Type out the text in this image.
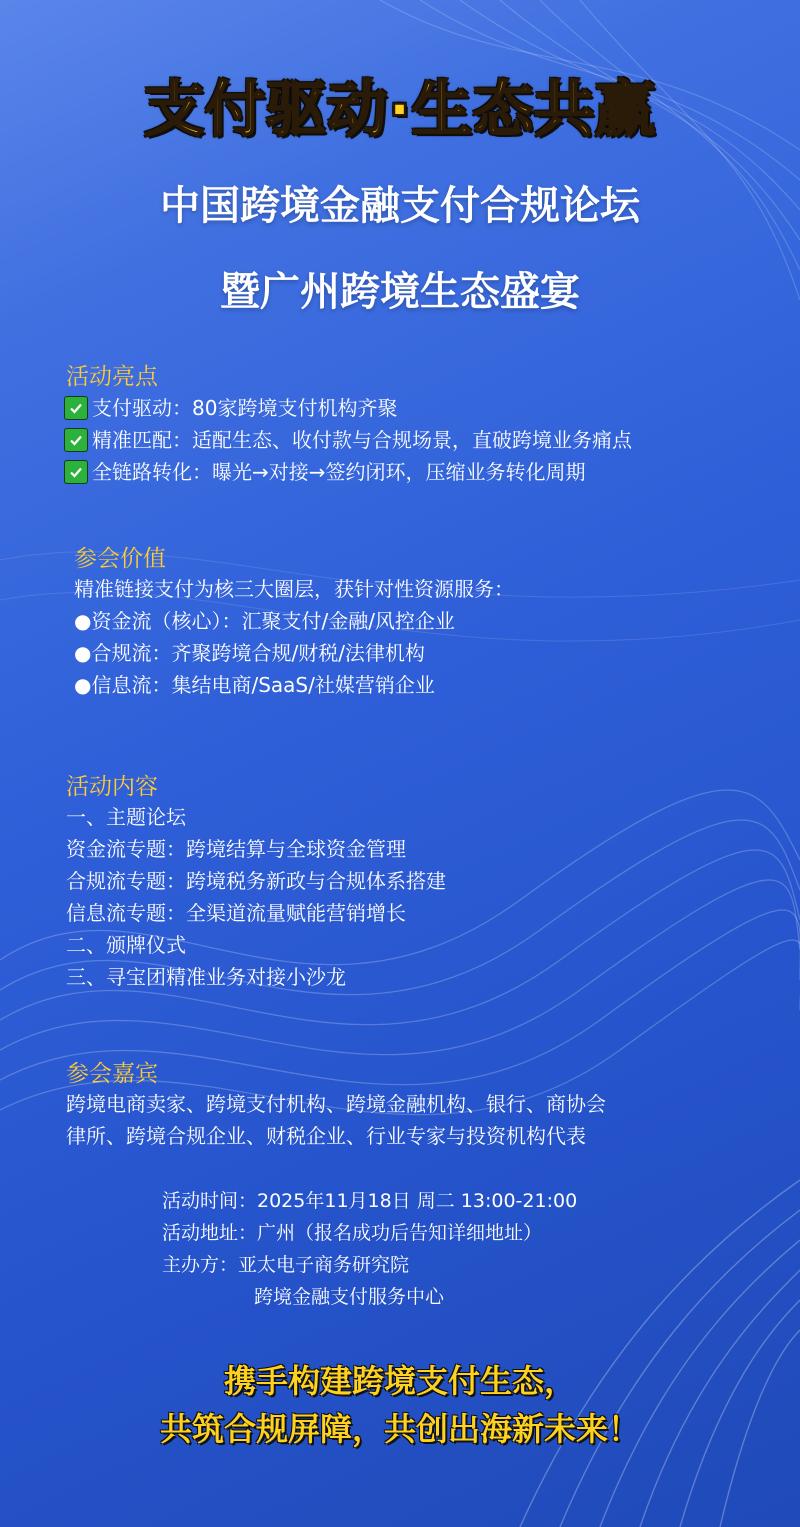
支付驱动·生态共赢
中国跨境金融支付合规论坛
暨广州跨境生态盛宴
活动亮点
支付驱动：80家跨境支付机构齐聚
精准匹配：适配生态、收付款与合规场景，直破跨境业务痛点
全链路转化：曝光→对接→签约闭环，压缩业务转化周期
参会价值
精准链接支付为核三大圈层，获针对性资源服务：
●资金流（核心）：汇聚支付/金融/风控企业
●合规流：齐聚跨境合规/财税/法律机构
●信息流：集结电商/SaaS/社媒营销企业
活动内容
一、主题论坛
资金流专题：跨境结算与全球资金管理
合规流专题：跨境税务新政与合规体系搭建
信息流专题：全渠道流量赋能营销增长
二、颁牌仪式
三、寻宝团精准业务对接小沙龙
参会嘉宾
跨境电商卖家、跨境支付机构、跨境金融机构、银行、商协会
律所、跨境合规企业、财税企业、行业专家与投资机构代表
活动时间：2025年11月18日 周二 13:00-21:00
活动地址：广州（报名成功后告知详细地址）
主办方：亚太电子商务研究院
跨境金融支付服务中心
携手构建跨境支付生态，
共筑合规屏障，共创出海新未来！
